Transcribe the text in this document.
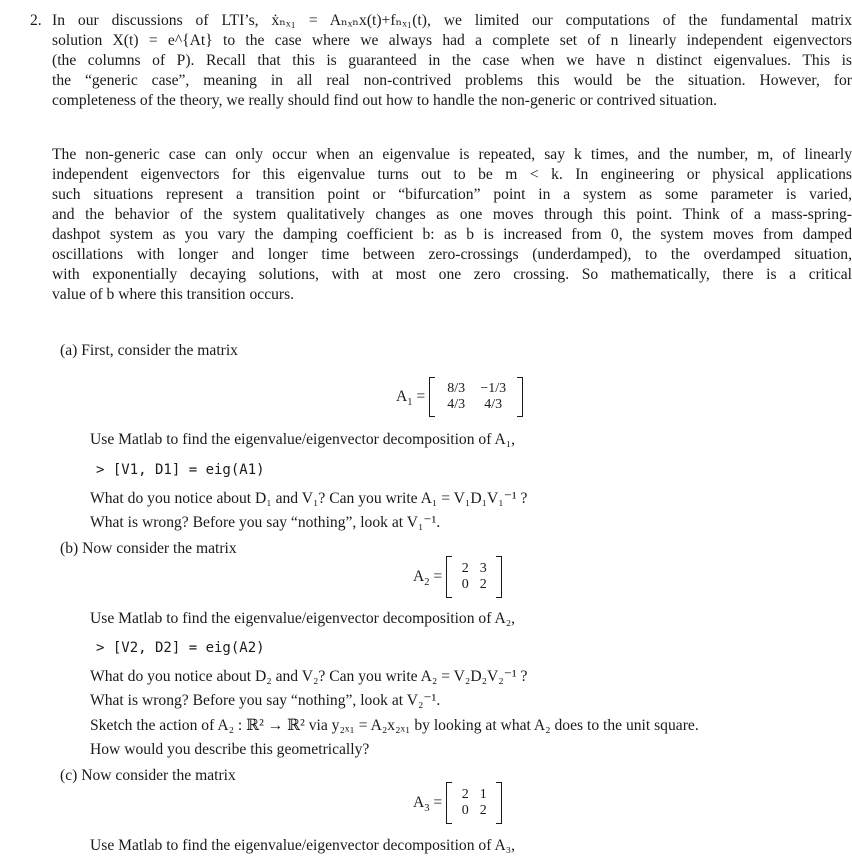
2. In our discussions of LTI’s, ẋₙₓ₁ = Aₙₓₙx(t)+fₙₓ₁(t), we limited our computations of the fundamental matrix
solution X(t) = e^{At} to the case where we always had a complete set of n linearly independent eigenvectors
(the columns of P). Recall that this is guaranteed in the case when we have n distinct eigenvalues. This is
the “generic case”, meaning in all real non-contrived problems this would be the situation. However, for
completeness of the theory, we really should find out how to handle the non-generic or contrived situation.
The non-generic case can only occur when an eigenvalue is repeated, say k times, and the number, m, of linearly
independent eigenvectors for this eigenvalue turns out to be m < k. In engineering or physical applications
such situations represent a transition point or “bifurcation” point in a system as some parameter is varied,
and the behavior of the system qualitatively changes as one moves through this point. Think of a mass-spring-
dashpot system as you vary the damping coefficient b: as b is increased from 0, the system moves from damped
oscillations with longer and longer time between zero-crossings (underdamped), to the overdamped situation,
with exponentially decaying solutions, with at most one zero crossing. So mathematically, there is a critical
value of b where this transition occurs.
(a) First, consider the matrix
$A_1$ =	8/3	−1/3
4/3	4/3
Use Matlab to find the eigenvalue/eigenvector decomposition of A₁,
> [V1, D1] = eig(A1)
What do you notice about D₁ and V₁? Can you write A₁ = V₁D₁V₁⁻¹ ?
What is wrong? Before you say “nothing”, look at V₁⁻¹.
(b) Now consider the matrix
$A_2$ =	2 3
0 2
Use Matlab to find the eigenvalue/eigenvector decomposition of A₂,
> [V2, D2] = eig(A2)
What do you notice about D₂ and V₂? Can you write A₂ = V₂D₂V₂⁻¹ ?
What is wrong? Before you say “nothing”, look at V₂⁻¹.
Sketch the action of A₂ : ℝ² → ℝ² via y₂ₓ₁ = A₂x₂ₓ₁ by looking at what A₂ does to the unit square.
How would you describe this geometrically?
(c) Now consider the matrix
$A_3$ =	2 1
0 2
Use Matlab to find the eigenvalue/eigenvector decomposition of A₃,
